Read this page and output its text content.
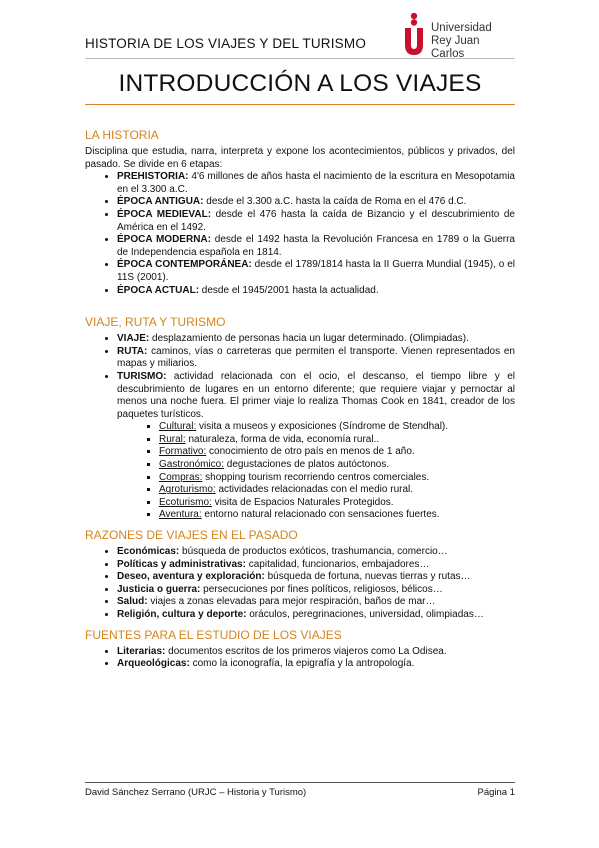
HISTORIA DE LOS VIAJES Y DEL TURISMO
Universidad
Rey Juan Carlos
INTRODUCCIÓN A LOS VIAJES
LA HISTORIA

Disciplina que estudia, narra, interpreta y expone los acontecimientos, públicos y privados, del pasado. Se divide en 6 etapas:

• PREHISTORIA: 4'6 millones de años hasta el nacimiento de la escritura en Mesopotamia en el 3.300 a.C.
• ÉPOCA ANTIGUA: desde el 3.300 a.C. hasta la caída de Roma en el 476 d.C.
• ÉPOCA MEDIEVAL: desde el 476 hasta la caída de Bizancio y el descubrimiento de América en el 1492.
• ÉPOCA MODERNA: desde el 1492 hasta la Revolución Francesa en 1789 o la Guerra de Independencia española en 1814.
• ÉPOCA CONTEMPORÁNEA: desde el 1789/1814 hasta la II Guerra Mundial (1945), o el 11S (2001).
• ÉPOCA ACTUAL: desde el 1945/2001 hasta la actualidad.
VIAJE, RUTA Y TURISMO
• VIAJE: desplazamiento de personas hacia un lugar determinado. (Olimpiadas).
• RUTA: caminos, vías o carreteras que permiten el transporte. Vienen representados en mapas y miliarios.
• TURISMO: actividad relacionada con el ocio, el descanso, el tiempo libre y el descubrimiento de lugares en un entorno diferente; que requiere viajar y pernoctar al menos una noche fuera. El primer viaje lo realiza Thomas Cook en 1841, creador de los paquetes turísticos.
▪ Cultural: visita a museos y exposiciones (Síndrome de Stendhal).
▪ Rural: naturaleza, forma de vida, economía rural..
▪ Formativo: conocimiento de otro país en menos de 1 año.
▪ Gastronómico: degustaciones de platos autóctonos.
▪ Compras: shopping tourism recorriendo centros comerciales.
▪ Agroturismo: actividades relacionadas con el medio rural.
▪ Ecoturismo: visita de Espacios Naturales Protegidos.
▪ Aventura: entorno natural relacionado con sensaciones fuertes.
RAZONES DE VIAJES EN EL PASADO
• Económicas: búsqueda de productos exóticos, trashumancia, comercio…
• Políticas y administrativas: capitalidad, funcionarios, embajadores…
• Deseo, aventura y exploración: búsqueda de fortuna, nuevas tierras y rutas…
• Justicia o guerra: persecuciones por fines políticos, religiosos, bélicos…
• Salud: viajes a zonas elevadas para mejor respiración, baños de mar…
• Religión, cultura y deporte: oráculos, peregrinaciones, universidad, olimpiadas…
FUENTES PARA EL ESTUDIO DE LOS VIAJES
• Literarias: documentos escritos de los primeros viajeros como La Odisea.
• Arqueológicas: como la iconografía, la epigrafía y la antropología.
David Sánchez Serrano (URJC – Historia y Turismo)	Página 1
